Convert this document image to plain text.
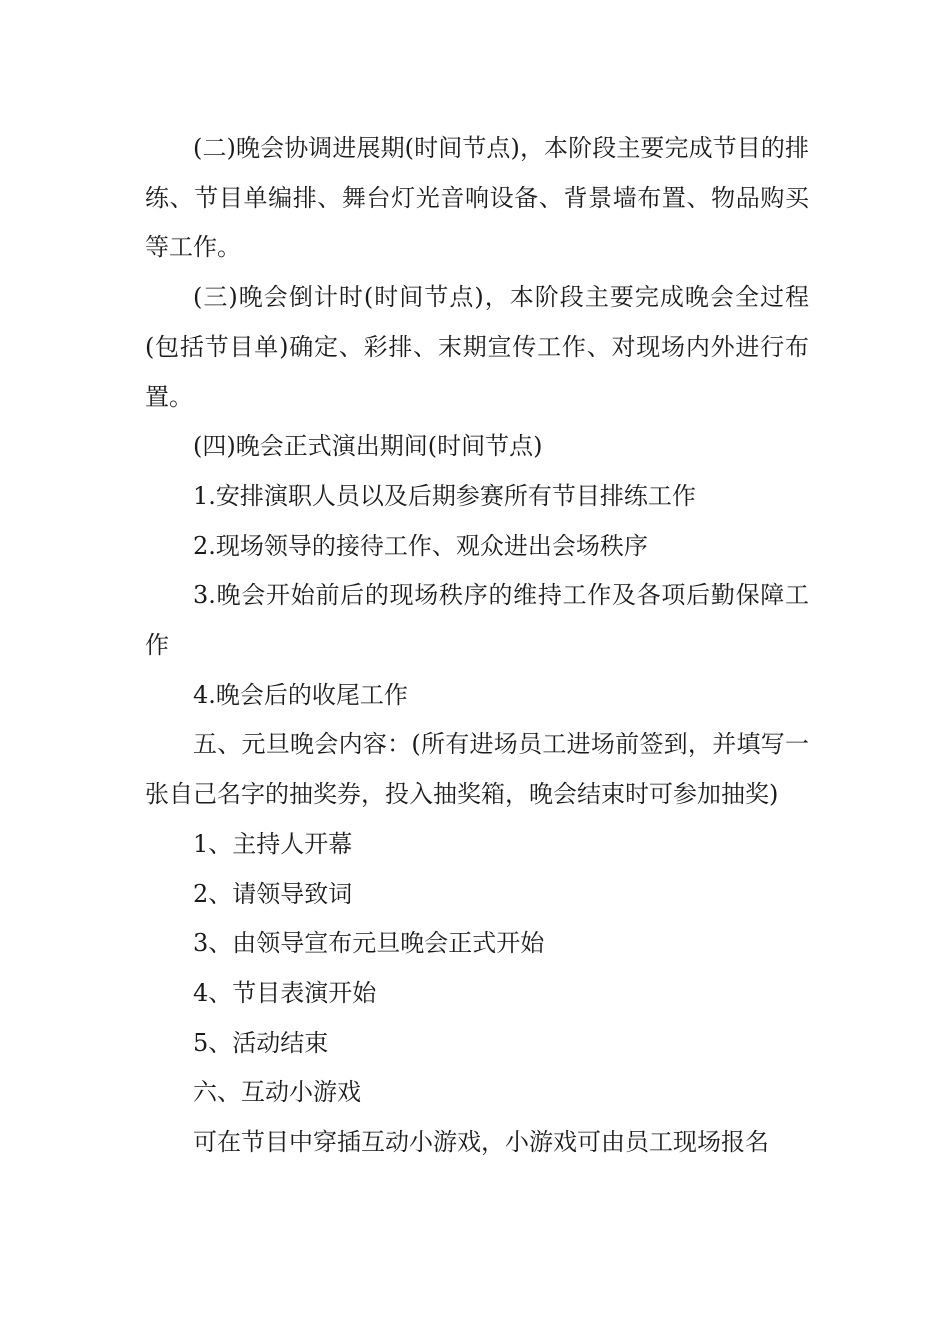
(二)晚会协调进展期(时间节点)，本阶段主要完成节目的排练、节目单编排、舞台灯光音响设备、背景墙布置、物品购买等工作。

(三)晚会倒计时(时间节点)，本阶段主要完成晚会全过程(包括节目单)确定、彩排、末期宣传工作、对现场内外进行布置。

(四)晚会正式演出期间(时间节点)

1.安排演职人员以及后期参赛所有节目排练工作

2.现场领导的接待工作、观众进出会场秩序

3.晚会开始前后的现场秩序的维持工作及各项后勤保障工作

4.晚会后的收尾工作

五、元旦晚会内容：(所有进场员工进场前签到，并填写一张自己名字的抽奖券，投入抽奖箱，晚会结束时可参加抽奖)

1、主持人开幕

2、请领导致词

3、由领导宣布元旦晚会正式开始

4、节目表演开始

5、活动结束

六、互动小游戏

可在节目中穿插互动小游戏，小游戏可由员工现场报名
